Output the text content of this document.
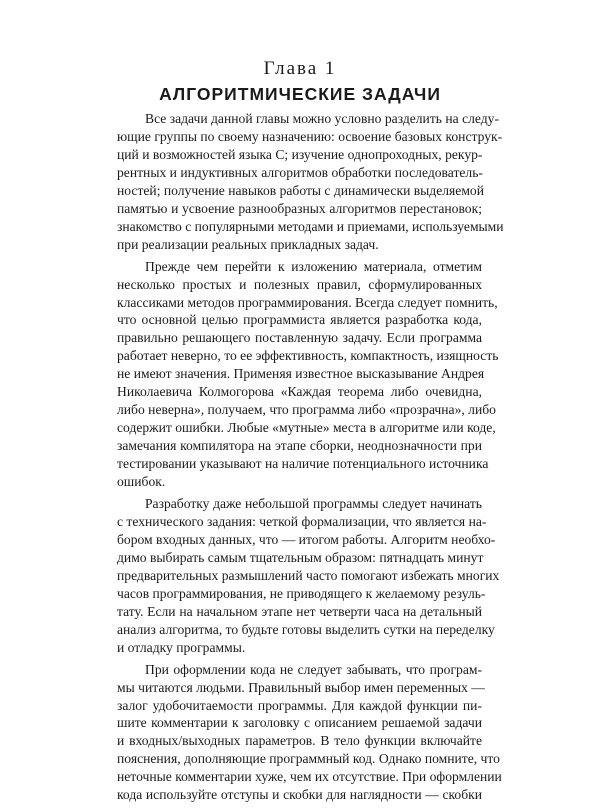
Глава 1
АЛГОРИТМИЧЕСКИЕ ЗАДАЧИ
Все задачи данной главы можно условно разделить на следу-
ющие группы по своему назначению: освоение базовых конструк-
ций и возможностей языка С; изучение однопроходных, рекур-
рентных и индуктивных алгоритмов обработки последователь-
ностей; получение навыков работы с динамически выделяемой
памятью и усвоение разнообразных алгоритмов перестановок;
знакомство с популярными методами и приемами, используемыми
при реализации реальных прикладных задач.
Прежде чем перейти к изложению материала, отметим
несколько простых и полезных правил, сформулированных
классиками методов программирования. Всегда следует помнить,
что основной целью программиста является разработка кода,
правильно решающего поставленную задачу. Если программа
работает неверно, то ее эффективность, компактность, изящность
не имеют значения. Применяя известное высказывание Андрея
Николаевича Колмогорова «Каждая теорема либо очевидна,
либо неверна», получаем, что программа либо «прозрачна», либо
содержит ошибки. Любые «мутные» места в алгоритме или коде,
замечания компилятора на этапе сборки, неоднозначности при
тестировании указывают на наличие потенциального источника
ошибок.
Разработку даже небольшой программы следует начинать
с технического задания: четкой формализации, что является на-
бором входных данных, что — итогом работы. Алгоритм необхо-
димо выбирать самым тщательным образом: пятнадцать минут
предварительных размышлений часто помогают избежать многих
часов программирования, не приводящего к желаемому резуль-
тату. Если на начальном этапе нет четверти часа на детальный
анализ алгоритма, то будьте готовы выделить сутки на переделку
и отладку программы.
При оформлении кода не следует забывать, что програм-
мы читаются людьми. Правильный выбор имен переменных —
залог удобочитаемости программы. Для каждой функции пи-
шите комментарии к заголовку с описанием решаемой задачи
и входных/выходных параметров. В тело функции включайте
пояснения, дополняющие программный код. Однако помните, что
неточные комментарии хуже, чем их отсутствие. При оформлении
кода используйте отступы и скобки для наглядности — скобки
